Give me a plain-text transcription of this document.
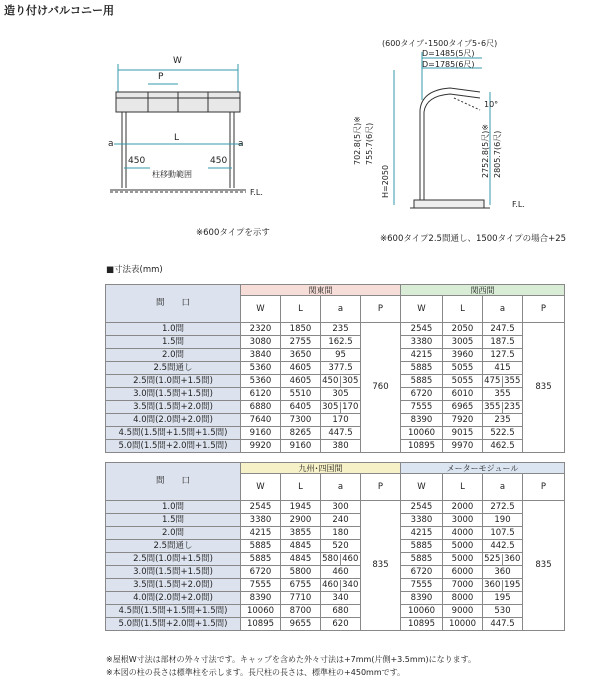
造り付けバルコニー用
W
P
L
a	a
450	450
柱移動範囲
F.L.
(600タイプ･1500タイプ5･6尺)
D=1485(5尺)
D=1785(6尺)
10°
702.8(5尺)※ 755.7(6尺)
H=2050
2752.8(5尺)※ 2805.7(6尺)
F.L.
※600タイプを示す
※600タイプ2.5間通し、1500タイプの場合+25
■寸法表(mm)
間　　口	関東間				関西間			
	W	L	a	P	W	L	a	P
1.0間	2320	1850	235	760	2545	2050	247.5	835
1.5間	3080	2755	162.5		3380	3005	187.5	
2.0間	3840	3650	95		4215	3960	127.5	
2.5間通し	5360	4605	377.5		5885	5055	415	
2.5間(1.0間+1.5間)	5360	4605	450 305		5885	5055	475 355	
3.0間(1.5間+1.5間)	6120	5510	305		6720	6010	355	
3.5間(1.5間+2.0間)	6880	6405	305 170		7555	6965	355 235	
4.0間(2.0間+2.0間)	7640	7300	170		8390	7920	235	
4.5間(1.5間+1.5間+1.5間)	9160	8265	447.5		10060	9015	522.5	
5.0間(1.5間+2.0間+1.5間)	9920	9160	380		10895	9970	462.5	
間　　口	九州･四国間				メーターモジュール			
	W	L	a	P	W	L	a	P
1.0間	2545	1945	300	835	2545	2000	272.5	835
1.5間	3380	2900	240		3380	3000	190	
2.0間	4215	3855	180		4215	4000	107.5	
2.5間通し	5885	4845	520		5885	5000	442.5	
2.5間(1.0間+1.5間)	5885	4845	580 460		5885	5000	525 360	
3.0間(1.5間+1.5間)	6720	5800	460		6720	6000	360	
3.5間(1.5間+2.0間)	7555	6755	460 340		7555	7000	360 195	
4.0間(2.0間+2.0間)	8390	7710	340		8390	8000	195	
4.5間(1.5間+1.5間+1.5間)	10060	8700	680		10060	9000	530	
5.0間(1.5間+2.0間+1.5間)	10895	9655	620		10895	10000	447.5	
※屋根W寸法は部材の外々寸法です。キャップを含めた外々寸法は+7mm(片側+3.5mm)になります。
※本図の柱の長さは標準柱を示します。長尺柱の長さは、標準柱の+450mmです。
